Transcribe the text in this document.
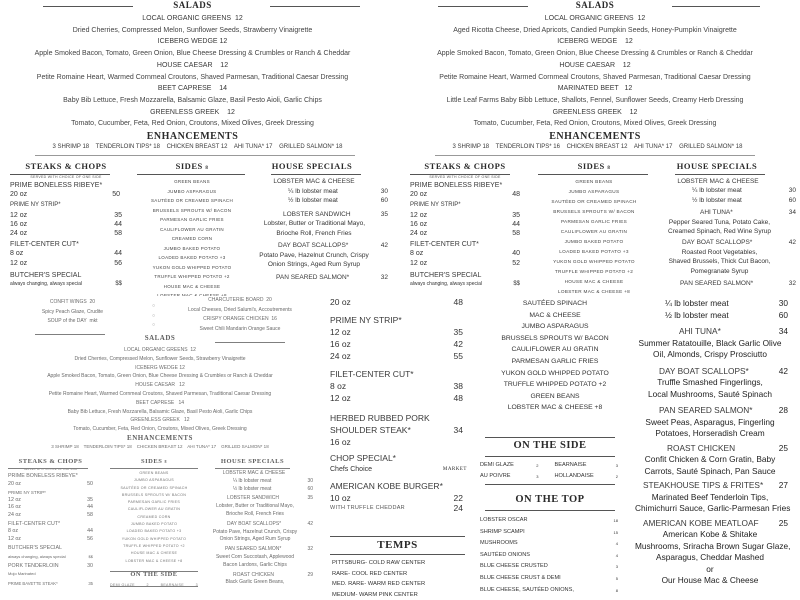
SALADS
LOCAL ORGANIC GREENS 12
Dried Cherries, Compressed Melon, Sunflower Seeds, Strawberry Vinaigrette
ICEBERG WEDGE 12
Apple Smoked Bacon, Tomato, Green Onion, Blue Cheese Dressing & Crumbles or Ranch & Cheddar
HOUSE CAESAR 12
Petite Romaine Heart, Warmed Cornmeal Croutons, Shaved Parmesan, Traditional Caesar Dressing
BEET CAPRESE 14
Baby Bib Lettuce, Fresh Mozzarella, Balsamic Glaze, Basil Pesto Aioli, Garlic Chips
GREENLESS GREEK 12
Tomato, Cucumber, Feta, Red Onion, Croutons, Mixed Olives, Greek Dressing
ENHANCEMENTS
3 SHRIMP 18    TENDERLOIN TIPS* 18    CHICKEN BREAST 12    AHI TUNA* 17    GRILLED SALMON* 18
STEAKS & CHOPS
SERVED WITH CHOICE OF ONE SIDE
PRIME BONELESS RIBEYE*
20 oz	50
PRIME NY STRIP*
12 oz	35
16 oz	44
24 oz	58
FILET-CENTER CUT*
8 oz	44
12 oz	56
BUTCHER'S SPECIAL
always changing, always special	$$
SIDES 8
GREEN BEANS
JUMBO ASPARAGUS
SAUTÉED OR CREAMED SPINACH
BRUSSELS SPROUTS W/ BACON
PARMESAN GARLIC FRIES
CAULIFLOWER AU GRATIN
CREAMED CORN
JUMBO BAKED POTATO
LOADED BAKED POTATO +3
YUKON GOLD WHIPPED POTATO
TRUFFLE WHIPPED POTATO +2
HOUSE MAC & CHEESE
LOBSTER MAC & CHEESE +8
HOUSE SPECIALS
LOBSTER MAC & CHEESE
¼ lb lobster meat	30
½ lb lobster meat	60
LOBSTER SANDWICH	35
Lobster, Butter or Traditional Mayo,
Brioche Roll, French Fries
DAY BOAT SCALLOPS*	42
Potato Pave, Hazelnut Crunch, Crispy
Onion Strings, Aged Rum Syrup
PAN SEARED SALMON*	32
SALADS
LOCAL ORGANIC GREENS 12
Aged Ricotta Cheese, Dried Apricots, Candied Pumpkin Seeds, Honey-Pumpkin Vinaigrette
ICEBERG WEDGE 12
Apple Smoked Bacon, Tomato, Green Onion, Blue Cheese Dressing & Crumbles or Ranch & Cheddar
HOUSE CAESAR 12
Petite Romaine Heart, Warmed Cornmeal Croutons, Shaved Parmesan, Traditional Caesar Dressing
MARINATED BEET 12
Little Leaf Farms Baby Bibb Lettuce, Shallots, Fennel, Sunflower Seeds, Creamy Herb Dressing
GREENLESS GREEK 12
Tomato, Cucumber, Feta, Red Onion, Croutons, Mixed Olives, Greek Dressing
ENHANCEMENTS
3 SHRIMP 18    TENDERLOIN TIPS* 16    CHICKEN BREAST 12    AHI TUNA* 17    GRILLED SALMON* 18
STEAKS & CHOPS
SERVED WITH CHOICE OF ONE SIDE
PRIME BONELESS RIBEYE*
20 oz	48
PRIME NY STRIP*
12 oz	35
16 oz	44
24 oz	58
FILET-CENTER CUT*
8 oz	40
12 oz	52
BUTCHER'S SPECIAL
always changing, always special	$$
SIDES 8
GREEN BEANS
JUMBO ASPARAGUS
SAUTÉED OR CREAMED SPINACH
BRUSSELS SPROUTS W/ BACON
PARMESAN GARLIC FRIES
CAULIFLOWER AU GRATIN
JUMBO BAKED POTATO
LOADED BAKED POTATO +3
YUKON GOLD WHIPPED POTATO
TRUFFLE WHIPPED POTATO +2
HOUSE MAC & CHEESE
LOBSTER MAC & CHEESE +8
HOUSE SPECIALS
LOBSTER MAC & CHEESE
¼ lb lobster meat	30
½ lb lobster meat	60
AHI TUNA*	34
Pepper Seared Tuna, Potato Cake,
Creamed Spinach, Red Wine Syrup
DAY BOAT SCALLOPS*	42
Roasted Root Vegetables,
Shaved Brussels, Thick Cut Bacon,
Pomegranate Syrup
PAN SEARED SALMON*	32
CONFIT WINGS 20
Spicy Peach Glaze, Crudite
SOUP of the DAY mkt
○
○
○
CHARCUTERIE BOARD 20
Local Cheeses, Dried Salumi's, Accoutrements
CRISPY ORANGE CHICKEN 16
Sweet Chili Mandarin Orange Sauce
SALADS
LOCAL ORGANIC GREENS 12
Dried Cherries, Compressed Melon, Sunflower Seeds, Strawberry Vinaigrette
ICEBERG WEDGE 12
Apple Smoked Bacon, Tomato, Green Onion, Blue Cheese Dressing & Crumbles or Ranch & Cheddar
HOUSE CAESAR 12
Petite Romaine Heart, Warmed Cornmeal Croutons, Shaved Parmesan, Traditional Caesar Dressing
BEET CAPRESE 14
Baby Bib Lettuce, Fresh Mozzarella, Balsamic Glaze, Basil Pesto Aioli, Garlic Chips
GREENLESS GREEK 12
Tomato, Cucumber, Feta, Red Onion, Croutons, Mixed Olives, Greek Dressing
ENHANCEMENTS
3 SHRIMP 18    TENDERLOIN TIPS* 18    CHICKEN BREAST 12    AHI TUNA* 17    GRILLED SALMON* 18
STEAKS & CHOPS
SERVED WITH CHOICE OF ONE SIDE
PRIME BONELESS RIBEYE*
20 oz	50
PRIME NY STRIP*
12 oz	35
16 oz	44
24 oz	58
FILET-CENTER CUT*
8 oz	44
12 oz	56
BUTCHER'S SPECIAL
always changing, always special	$$
PORK TENDERLOIN	30
Mojo Marinated
PRIME BAVETTE STEAK*	35
SIDES 8
GREEN BEANS
JUMBO ASPARAGUS
SAUTÉED OR CREAMED SPINACH
BRUSSELS SPROUTS W/ BACON
PARMESAN GARLIC FRIES
CAULIFLOWER AU GRATIN
CREAMED CORN
JUMBO BAKED POTATO
LOADED BAKED POTATO +3
YUKON GOLD WHIPPED POTATO
TRUFFLE WHIPPED POTATO +2
HOUSE MAC & CHEESE
LOBSTER MAC & CHEESE +8
ON THE SIDE
DEMI GLAZE	2	BEARNAISE	3
HOUSE SPECIALS
LOBSTER MAC & CHEESE
¼ lb lobster meat	30
½ lb lobster meat	60
LOBSTER SANDWICH	35
Lobster, Butter or Traditional Mayo,
Brioche Roll, French Fries
DAY BOAT SCALLOPS*	42
Potato Pave, Hazelnut Crunch, Crispy
Onion Strings, Aged Rum Syrup
PAN SEARED SALMON*	32
Sweet Corn Succotash, Applewood
Bacon Lardons, Garlic Chips
ROAST CHICKEN	29
Black Garlic Green Beans,
20 oz	48
PRIME NY STRIP*
12 oz	35
16 oz	42
24 oz	55
FILET-CENTER CUT*
8 oz	38
12 oz	48
HERBED RUBBED PORK
SHOULDER STEAK*	34
16 oz
CHOP SPECIAL*
Chefs Choice	MARKET
AMERICAN KOBE BURGER*
10 oz	22
WITH TRUFFLE CHEDDAR	24
TEMPS
PITTSBURG- COLD RAW CENTER
RARE- COOL RED CENTER
MED. RARE- WARM RED CENTER
MEDIUM- WARM PINK CENTER
SAUTÉED SPINACH
MAC & CHEESE
JUMBO ASPARAGUS
BRUSSELS SPROUTS W/ BACON
CAULIFLOWER AU GRATIN
PARMESAN GARLIC FRIES
YUKON GOLD WHIPPED POTATO
TRUFFLE WHIPPED POTATO +2
GREEN BEANS
LOBSTER MAC & CHEESE +8
ON THE SIDE
DEMI GLAZE	2	BEARNAISE	3
AU POIVRE	3	HOLLANDAISE	2
ON THE TOP
LOBSTER OSCAR	18
SHRIMP SCAMPI	15
MUSHROOMS	4
SAUTÉED ONIONS	4
BLUE CHEESE CRUSTED	3
BLUE CHEESE CRUST & DEMI	5
BLUE CHEESE, SAUTÉED ONIONS,	8
¼ lb lobster meat	30
½ lb lobster meat	60
AHI TUNA*	34
Summer Ratatouille, Black Garlic Olive
Oil, Almonds, Crispy Prosciutto
DAY BOAT SCALLOPS*	42
Truffle Smashed Fingerlings,
Local Mushrooms, Sauté Spinach
PAN SEARED SALMON*	28
Sweet Peas, Asparagus, Fingerling
Potatoes, Horseradish Cream
ROAST CHICKEN	25
Confit Chicken & Corn Gratin, Baby
Carrots, Sauté Spinach, Pan Sauce
STEAKHOUSE TIPS & FRITES* 27
Marinated Beef Tenderloin Tips,
Chimichurri Sauce, Garlic-Parmesan Fries
AMERICAN KOBE MEATLOAF 25
American Kobe & Shitake
Mushrooms, Sriracha Brown Sugar Glaze,
Asparagus, Cheddar Mashed
or
Our House Mac & Cheese
